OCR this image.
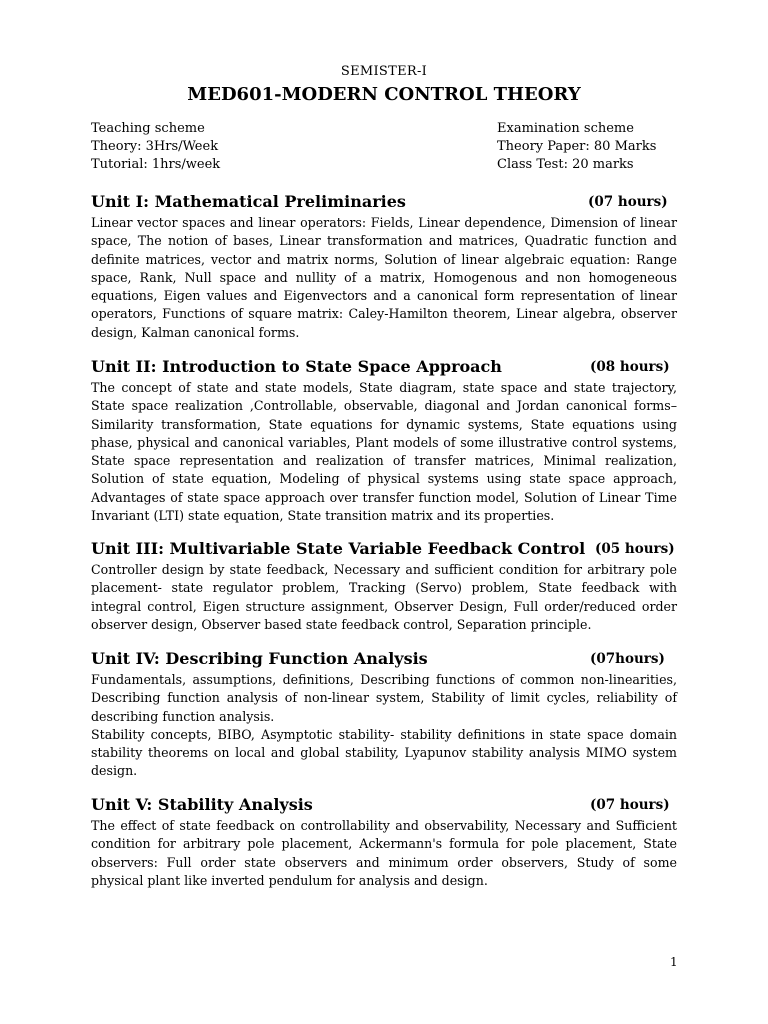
SEMISTER-I
MED601-MODERN CONTROL THEORY
Teaching scheme
Theory: 3Hrs/Week
Tutorial: 1hrs/week
Examination scheme
Theory Paper: 80 Marks
Class Test: 20 marks
Unit I: Mathematical Preliminaries	(07 hours)

Linear vector spaces and linear operators: Fields, Linear dependence, Dimension of linear space, The notion of bases, Linear transformation and matrices, Quadratic function and definite matrices, vector and matrix norms, Solution of linear algebraic equation: Range space, Rank, Null space and nullity of a matrix, Homogenous and non homogeneous equations, Eigen values and Eigenvectors and a canonical form representation of linear operators, Functions of square matrix: Caley-Hamilton theorem, Linear algebra, observer design, Kalman canonical forms.

Unit II: Introduction to State Space Approach	(08 hours)

The concept of state and state models, State diagram, state space and state trajectory, State space realization ,Controllable, observable, diagonal and Jordan canonical forms–Similarity transformation, State equations for dynamic systems, State equations using phase, physical and canonical variables, Plant models of some illustrative control systems, State space representation and realization of transfer matrices, Minimal realization, Solution of state equation, Modeling of physical systems using state space approach, Advantages of state space approach over transfer function model, Solution of Linear Time Invariant (LTI) state equation, State transition matrix and its properties.

Unit III: Multivariable State Variable Feedback Control (05 hours)

Controller design by state feedback, Necessary and sufficient condition for arbitrary pole placement- state regulator problem, Tracking (Servo) problem, State feedback with integral control, Eigen structure assignment, Observer Design, Full order/reduced order observer design, Observer based state feedback control, Separation principle.

Unit IV: Describing Function Analysis	(07hours)

Fundamentals, assumptions, definitions, Describing functions of common non-linearities, Describing function analysis of non-linear system, Stability of limit cycles, reliability of describing function analysis.

Stability concepts, BIBO, Asymptotic stability- stability definitions in state space domain stability theorems on local and global stability, Lyapunov stability analysis MIMO system design.

Unit V: Stability Analysis	(07 hours)

The effect of state feedback on controllability and observability, Necessary and Sufficient condition for arbitrary pole placement, Ackermann's formula for pole placement, State observers: Full order state observers and minimum order observers, Study of some physical plant like inverted pendulum for analysis and design.

1
